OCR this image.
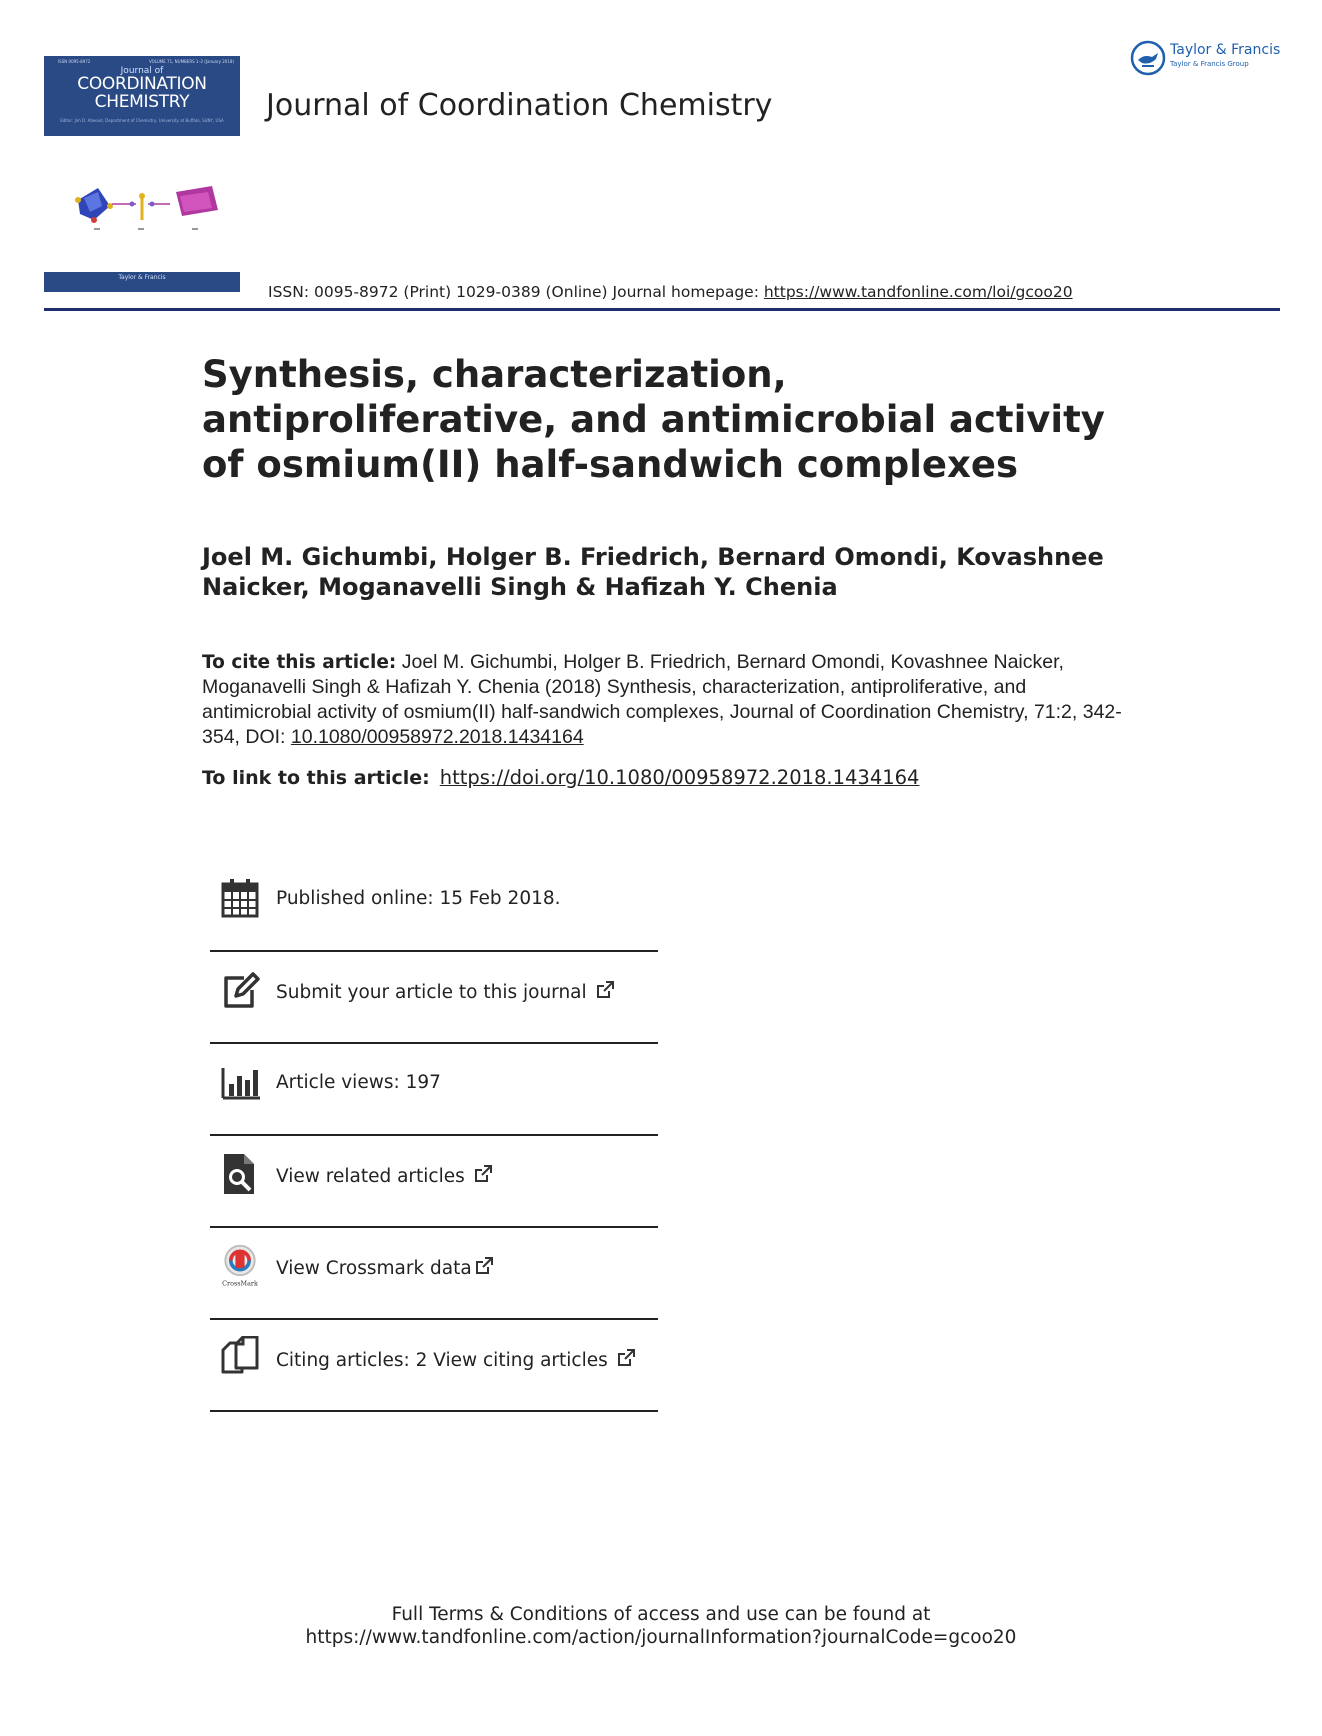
ISSN 0095-8972	VOLUME 71, NUMBERS 1–2 (January 2018)
Journal of
COORDINATION
CHEMISTRY
Editor: Jim D. Atwood, Department of Chemistry, University at Buffalo, SUNY, USA
Taylor & Francis
Journal of Coordination Chemistry
Taylor & Francis
Taylor & Francis Group
ISSN: 0095-8972 (Print) 1029-0389 (Online) Journal homepage: https://www.tandfonline.com/loi/gcoo20
Synthesis, characterization, antiproliferative, and antimicrobial activity of osmium(II) half-sandwich complexes
Joel M. Gichumbi, Holger B. Friedrich, Bernard Omondi, Kovashnee Naicker, Moganavelli Singh & Hafizah Y. Chenia
To cite this article: Joel M. Gichumbi, Holger B. Friedrich, Bernard Omondi, Kovashnee Naicker, Moganavelli Singh & Hafizah Y. Chenia (2018) Synthesis, characterization, antiproliferative, and antimicrobial activity of osmium(II) half-sandwich complexes, Journal of Coordination Chemistry, 71:2, 342-354, DOI: 10.1080/00958972.2018.1434164
To link to this article: https://doi.org/10.1080/00958972.2018.1434164
Published online: 15 Feb 2018.
Submit your article to this journal
Article views: 197
View related articles
CrossMark
View Crossmark data
Citing articles: 2 View citing articles
Full Terms & Conditions of access and use can be found at
https://www.tandfonline.com/action/journalInformation?journalCode=gcoo20
